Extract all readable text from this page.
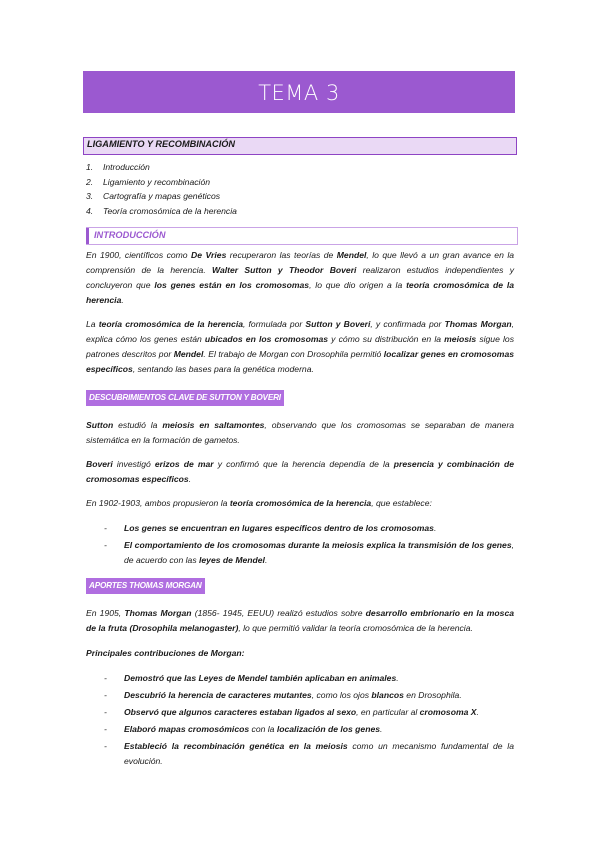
TEMA 3
LIGAMIENTO Y RECOMBINACIÓN
1. Introducción
2. Ligamiento y recombinación
3. Cartografía y mapas genéticos
4. Teoría cromosómica de la herencia
INTRODUCCIÓN

En 1900, científicos como De Vries recuperaron las teorías de Mendel, lo que llevó a un gran avance en la comprensión de la herencia. Walter Sutton y Theodor Boveri realizaron estudios independientes y concluyeron que los genes están en los cromosomas, lo que dio origen a la teoría cromosómica de la herencia.

La teoría cromosómica de la herencia, formulada por Sutton y Boveri, y confirmada por Thomas Morgan, explica cómo los genes están ubicados en los cromosomas y cómo su distribución en la meiosis sigue los patrones descritos por Mendel. El trabajo de Morgan con Drosophila permitió localizar genes en cromosomas específicos, sentando las bases para la genética moderna.

DESCUBRIMIENTOS CLAVE DE SUTTON Y BOVERI

Sutton estudió la meiosis en saltamontes, observando que los cromosomas se separaban de manera sistemática en la formación de gametos.

Boveri investigó erizos de mar y confirmó que la herencia dependía de la presencia y combinación de cromosomas específicos.

En 1902-1903, ambos propusieron la teoría cromosómica de la herencia, que establece:

- Los genes se encuentran en lugares específicos dentro de los cromosomas.
- El comportamiento de los cromosomas durante la meiosis explica la transmisión de los genes, de acuerdo con las leyes de Mendel.
APORTES THOMAS MORGAN

En 1905, Thomas Morgan (1856- 1945, EEUU) realizó estudios sobre desarrollo embrionario en la mosca de la fruta (Drosophila melanogaster), lo que permitió validar la teoría cromosómica de la herencia.

Principales contribuciones de Morgan:

- Demostró que las Leyes de Mendel también aplicaban en animales.
- Descubrió la herencia de caracteres mutantes, como los ojos blancos en Drosophila.
- Observó que algunos caracteres estaban ligados al sexo, en particular al cromosoma X.
- Elaboró mapas cromosómicos con la localización de los genes.
- Estableció la recombinación genética en la meiosis como un mecanismo fundamental de la evolución.
